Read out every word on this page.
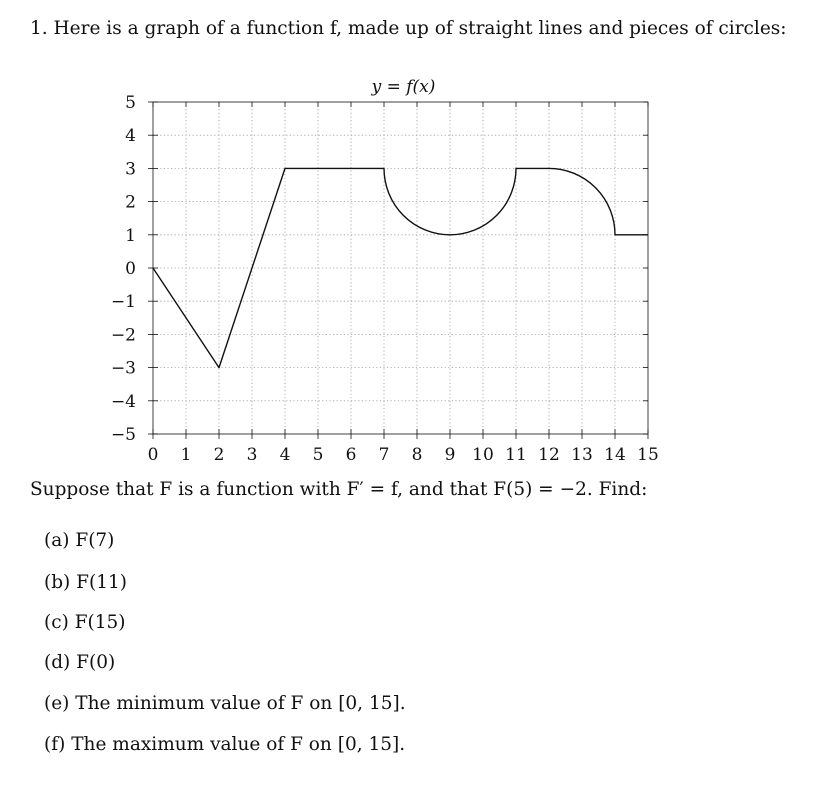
1. Here is a graph of a function f, made up of straight lines and pieces of circles:
0 1 2 3 4 5 6 7 8 9 10 11 12 13 14 15
5
4
3
2
1
0
−1
−2
−3
−4
−5
y = f(x)
Suppose that F is a function with F′ = f, and that F(5) = −2. Find:
(a) F(7)
(b) F(11)
(c) F(15)
(d) F(0)
(e) The minimum value of F on [0, 15].
(f) The maximum value of F on [0, 15].
